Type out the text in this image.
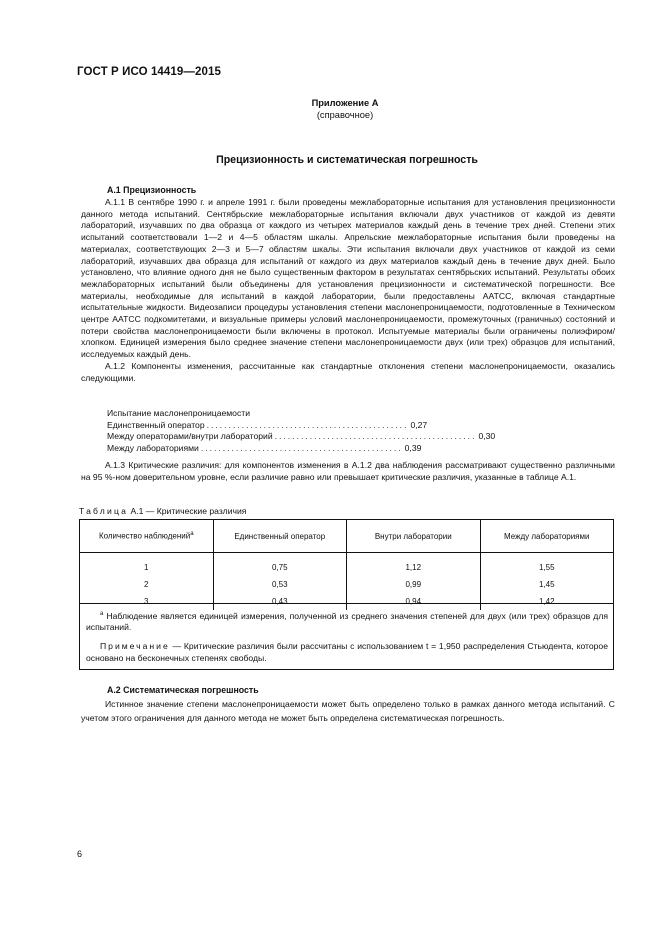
ГОСТ Р ИСО 14419—2015
Приложение А
(справочное)
Прецизионность и систематическая погрешность
А.1 Прецизионность

А.1.1 В сентябре 1990 г. и апреле 1991 г. были проведены межлабораторные испытания для установления прецизионности данного метода испытаний. Сентябрьские межлабораторные испытания включали двух участников от каждой из девяти лабораторий, изучавших по два образца от каждого из четырех материалов каждый день в течение трех дней. Степени этих испытаний соответствовали 1—2 и 4—5 областям шкалы. Апрельские межлабораторные испытания были проведены на материалах, соответствующих 2—3 и 5—7 областям шкалы. Эти испытания включали двух участников от каждой из семи лабораторий, изучавших два образца для испытаний от каждого из двух материалов каждый день в течение двух дней. Было установлено, что влияние одного дня не было существенным фактором в результатах сентябрьских испытаний. Результаты обоих межлабораторных испытаний были объединены для установления прецизионности и систематической погрешности. Все материалы, необходимые для испытаний в каждой лаборатории, были предоставлены AATCC, включая стандартные испытательные жидкости. Видеозаписи процедуры установления степени маслонепроницаемости, подготовленные в Техническом центре AATCC подкомитетами, и визуальные примеры условий маслонепроницаемости, промежуточных (граничных) состояний и потери свойства маслонепроницаемости были включены в протокол. Испытуемые материалы были ограничены полиэфиром/хлопком. Единицей измерения было среднее значение степени маслонепроницаемости двух (или трех) образцов для испытаний, исследуемых каждый день.

А.1.2 Компоненты изменения, рассчитанные как стандартные отклонения степени маслонепроницаемости, оказались следующими.

Испытание маслонепроницаемости
Единственный оператор .............................................. 0,27
Между операторами/внутри лабораторий .............................................. 0,30
Между лабораториями .............................................. 0,39

А.1.3 Критические различия: для компонентов изменения в А.1.2 два наблюдения рассматривают существенно различными на 95 %-ном доверительном уровне, если различие равно или превышает критические различия, указанные в таблице А.1.

Таблица А.1 — Критические различия
Количество наблюдений$^a$	Единственный оператор	Внутри лаборатории	Между лабораториями
1	0,75	1,12	1,55
2	0,53	0,99	1,45
3	0,43	0,94	1,42
$^a$ Наблюдение является единицей измерения, полученной из среднего значения степеней для двух (или трех) образцов для испытаний.
Примечание — Критические различия были рассчитаны с использованием t = 1,950 распределения Стьюдента, которое основано на бесконечных степенях свободы.
А.2 Систематическая погрешность

Истинное значение степени маслонепроницаемости может быть определено только в рамках данного метода испытаний. С учетом этого ограничения для данного метода не может быть определена систематическая погрешность.

6
